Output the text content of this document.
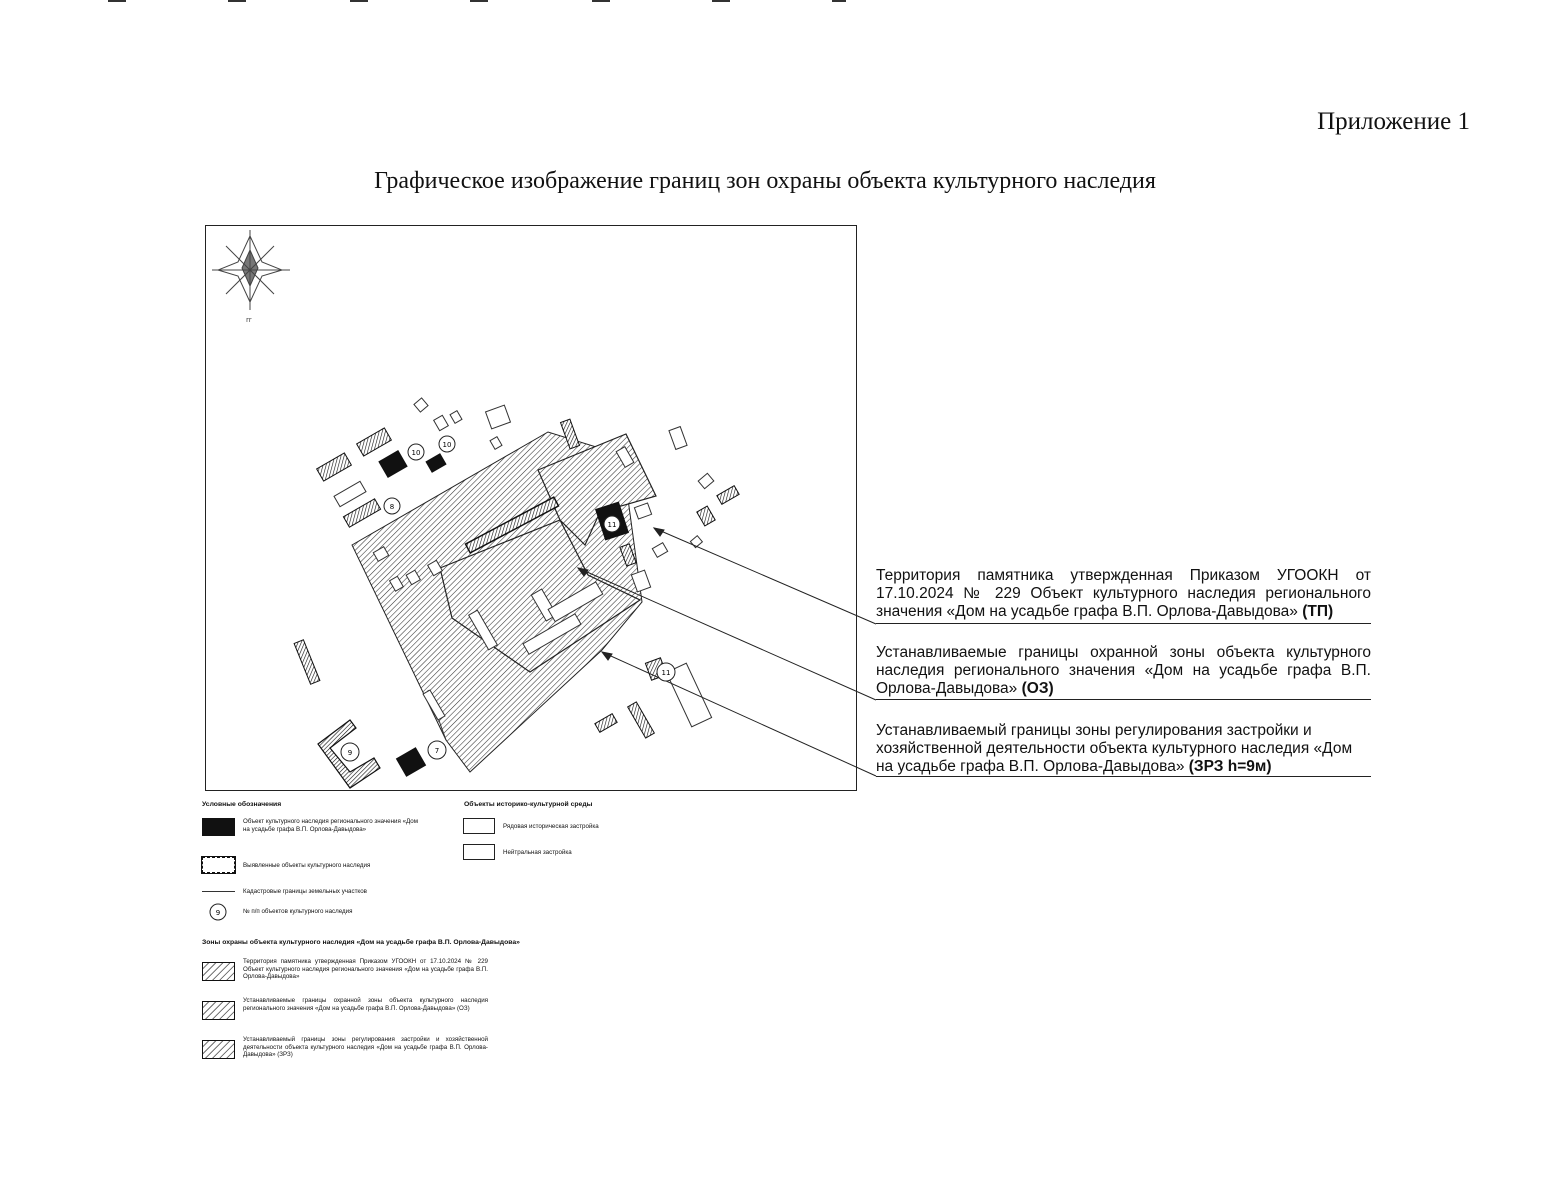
Приложение 1
Графическое изображение границ зон охраны объекта культурного наследия
rr
10
10
8
11
11
9	7
Территория памятника утвержденная Приказом УГООКН от 17.10.2024 № 229 Объект культурного наследия регионального значения «Дом на усадьбе графа В.П. Орлова-Давыдова» (ТП)
Устанавливаемые границы охранной зоны объекта культурного наследия регионального значения «Дом на усадьбе графа В.П. Орлова-Давыдова» (ОЗ)
Устанавливаемый границы зоны регулирования застройки и хозяйственной деятельности объекта культурного наследия «Дом на усадьбе графа В.П. Орлова-Давыдова» (ЗРЗ h=9м)
Условные обозначения
Объект культурного наследия регионального значения «Дом на усадьбе графа В.П. Орлова-Давыдова»
Выявленные объекты культурного наследия
Кадастровые границы земельных участков
9	№ п/п объектов культурного наследия
Объекты историко-культурной среды
Рядовая историческая застройка
Нейтральная застройка
Зоны охраны объекта культурного наследия «Дом на усадьбе графа В.П. Орлова-Давыдова»
Территория памятника утвержденная Приказом УГООКН от 17.10.2024 № 229 Объект культурного наследия регионального значения «Дом на усадьбе графа В.П. Орлова-Давыдова»
Устанавливаемые границы охранной зоны объекта культурного наследия регионального значения «Дом на усадьбе графа В.П. Орлова-Давыдова» (ОЗ)
Устанавливаемый границы зоны регулирования застройки и хозяйственной деятельности объекта культурного наследия «Дом на усадьбе графа В.П. Орлова-Давыдова» (ЗРЗ)
